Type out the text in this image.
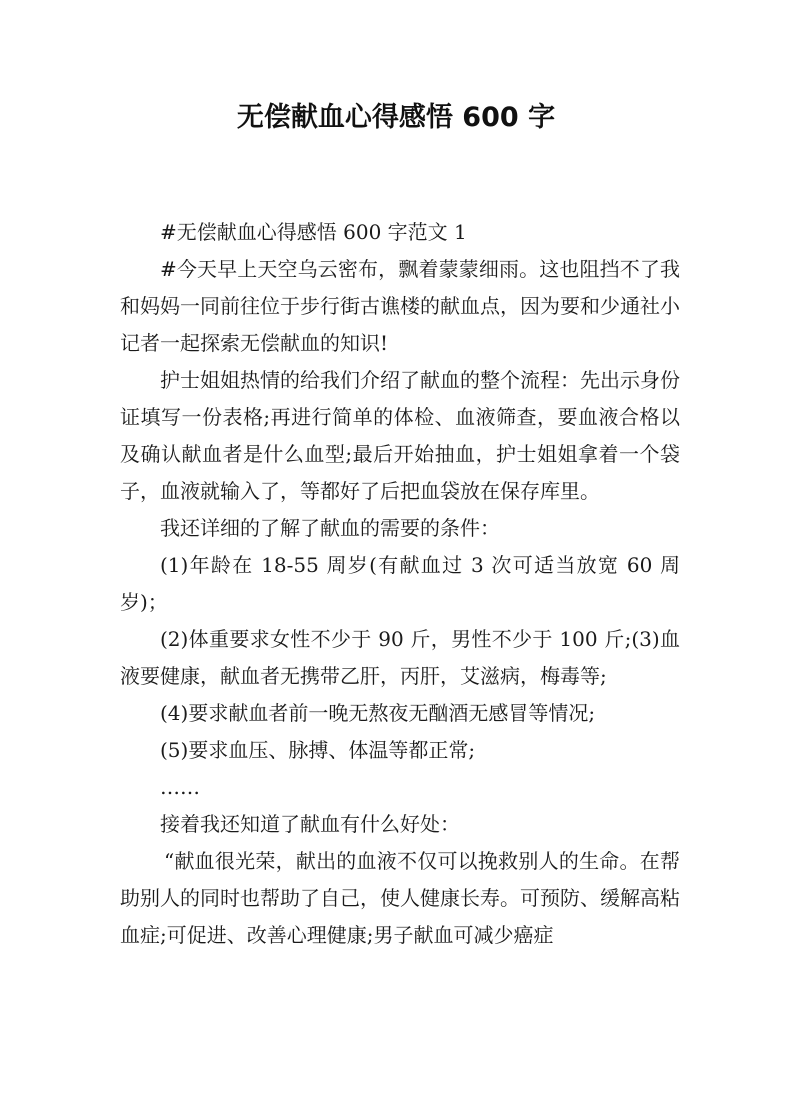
无偿献血心得感悟 600 字

#无偿献血心得感悟 600 字范文 1

#今天早上天空乌云密布，飘着蒙蒙细雨。这也阻挡不了我和妈妈一同前往位于步行街古谯楼的献血点，因为要和少通社小记者一起探索无偿献血的知识!

护士姐姐热情的给我们介绍了献血的整个流程：先出示身份证填写一份表格;再进行简单的体检、血液筛查，要血液合格以及确认献血者是什么血型;最后开始抽血，护士姐姐拿着一个袋子，血液就输入了，等都好了后把血袋放在保存库里。

我还详细的了解了献血的需要的条件：

(1)年龄在 18-55 周岁(有献血过 3 次可适当放宽 60 周岁)；

(2)体重要求女性不少于 90 斤，男性不少于 100 斤;(3)血液要健康，献血者无携带乙肝，丙肝，艾滋病，梅毒等;

(4)要求献血者前一晚无熬夜无酗酒无感冒等情况;

(5)要求血压、脉搏、体温等都正常;

……

接着我还知道了献血有什么好处：

“献血很光荣，献出的血液不仅可以挽救别人的生命。在帮助别人的同时也帮助了自己，使人健康长寿。可预防、缓解高粘血症;可促进、改善心理健康;男子献血可减少癌症
